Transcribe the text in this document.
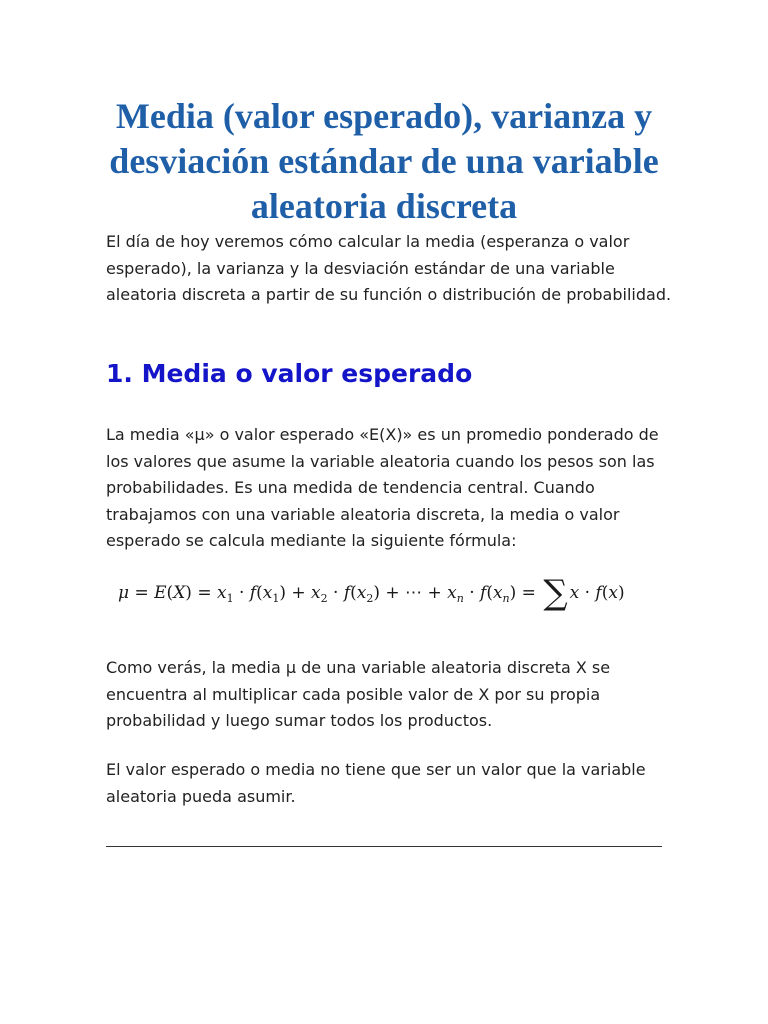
Media (valor esperado), varianza y desviación estándar de una variable aleatoria discreta

El día de hoy veremos cómo calcular la media (esperanza o valor esperado), la varianza y la desviación estándar de una variable aleatoria discreta a partir de su función o distribución de probabilidad.

1. Media o valor esperado

La media «μ» o valor esperado «E(X)» es un promedio ponderado de los valores que asume la variable aleatoria cuando los pesos son las probabilidades. Es una medida de tendencia central. Cuando trabajamos con una variable aleatoria discreta, la media o valor esperado se calcula mediante la siguiente fórmula:

$\mu = E(X) = x_1 \cdot f(x_1) + x_2 \cdot f(x_2)$ + ⋯ + $x_n \cdot f(x_n)$ = ∑ x · f(x)

Como verás, la media μ de una variable aleatoria discreta X se encuentra al multiplicar cada posible valor de X por su propia probabilidad y luego sumar todos los productos.

El valor esperado o media no tiene que ser un valor que la variable aleatoria pueda asumir.
